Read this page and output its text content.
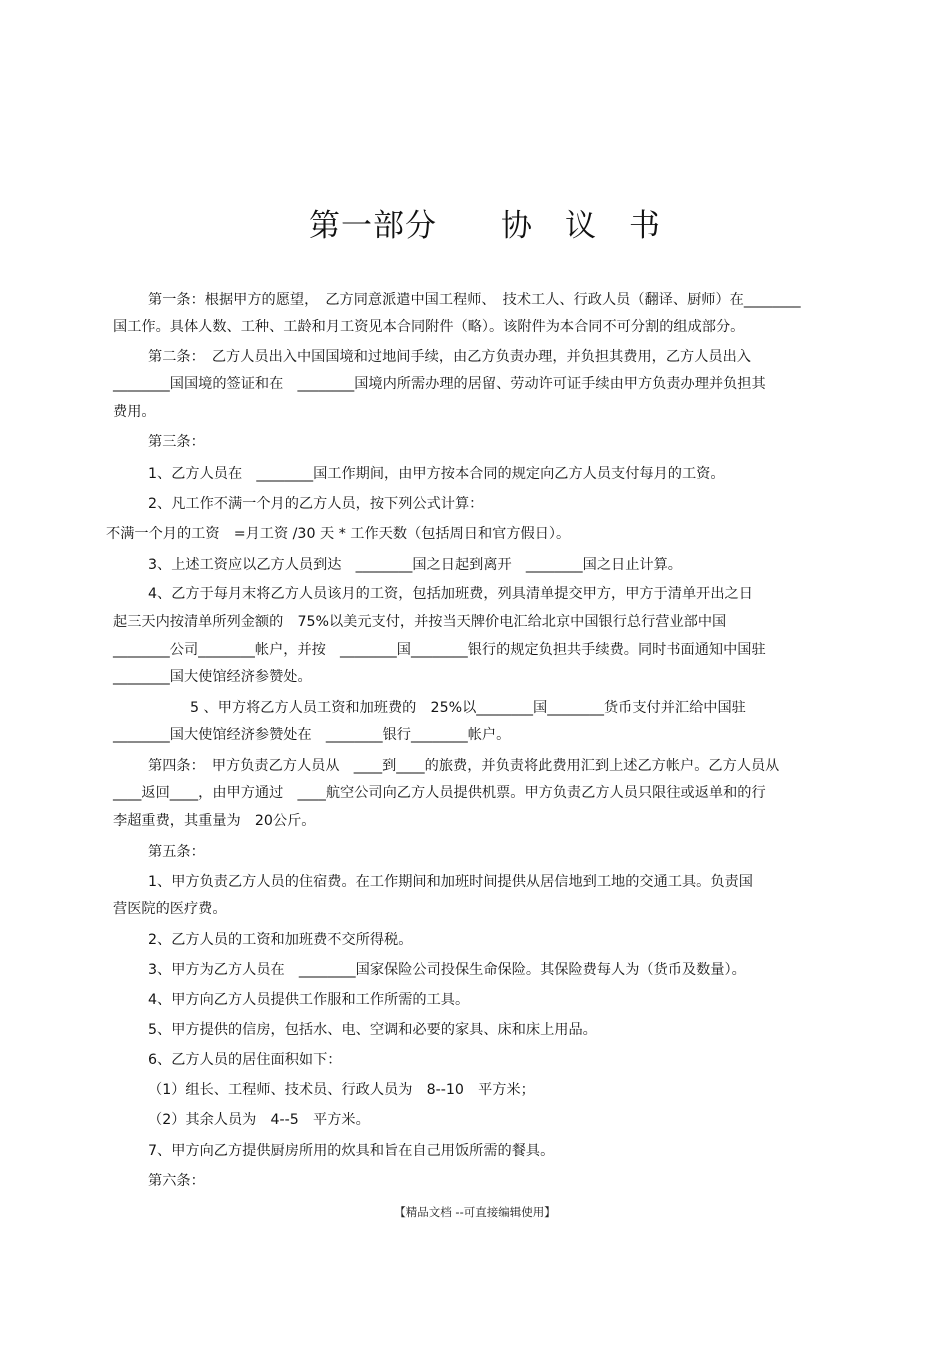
第一部分　　协　议　书
第一条：根据甲方的愿望，　乙方同意派遣中国工程师、　技术工人、行政人员（翻译、厨师）在________
国工作。具体人数、工种、工龄和月工资见本合同附件（略）。该附件为本合同不可分割的组成部分。
第二条：　乙方人员出入中国国境和过地间手续，由乙方负责办理，并负担其费用，乙方人员出入
________国国境的签证和在　________国境内所需办理的居留、劳动许可证手续由甲方负责办理并负担其
费用。
第三条：
1、乙方人员在　________国工作期间，由甲方按本合同的规定向乙方人员支付每月的工资。
2、凡工作不满一个月的乙方人员，按下列公式计算：
不满一个月的工资　=月工资 /30 天 * 工作天数（包括周日和官方假日）。
3、上述工资应以乙方人员到达　________国之日起到离开　________国之日止计算。
4、乙方于每月末将乙方人员该月的工资，包括加班费，列具清单提交甲方，甲方于清单开出之日
起三天内按清单所列金额的　75%以美元支付，并按当天牌价电汇给北京中国银行总行营业部中国
________公司________帐户，并按　________国________银行的规定负担共手续费。同时书面通知中国驻
________国大使馆经济参赞处。
5 、甲方将乙方人员工资和加班费的　25%以________国________货币支付并汇给中国驻
________国大使馆经济参赞处在　________银行________帐户。
第四条：　甲方负责乙方人员从　____到____的旅费，并负责将此费用汇到上述乙方帐户。乙方人员从
____返回____，由甲方通过　____航空公司向乙方人员提供机票。甲方负责乙方人员只限往或返单和的行
李超重费，其重量为　20公斤。
第五条：
1、甲方负责乙方人员的住宿费。在工作期间和加班时间提供从居信地到工地的交通工具。负责国
营医院的医疗费。
2、乙方人员的工资和加班费不交所得税。
3、甲方为乙方人员在　________国家保险公司投保生命保险。其保险费每人为（货币及数量）。
4、甲方向乙方人员提供工作服和工作所需的工具。
5、甲方提供的信房，包括水、电、空调和必要的家具、床和床上用品。
6、乙方人员的居住面积如下：
（1）组长、工程师、技术员、行政人员为　8--10　平方米；
（2）其余人员为　4--5　平方米。
7、甲方向乙方提供厨房所用的炊具和旨在自己用饭所需的餐具。
第六条：
【精品文档 --可直接编辑使用】
